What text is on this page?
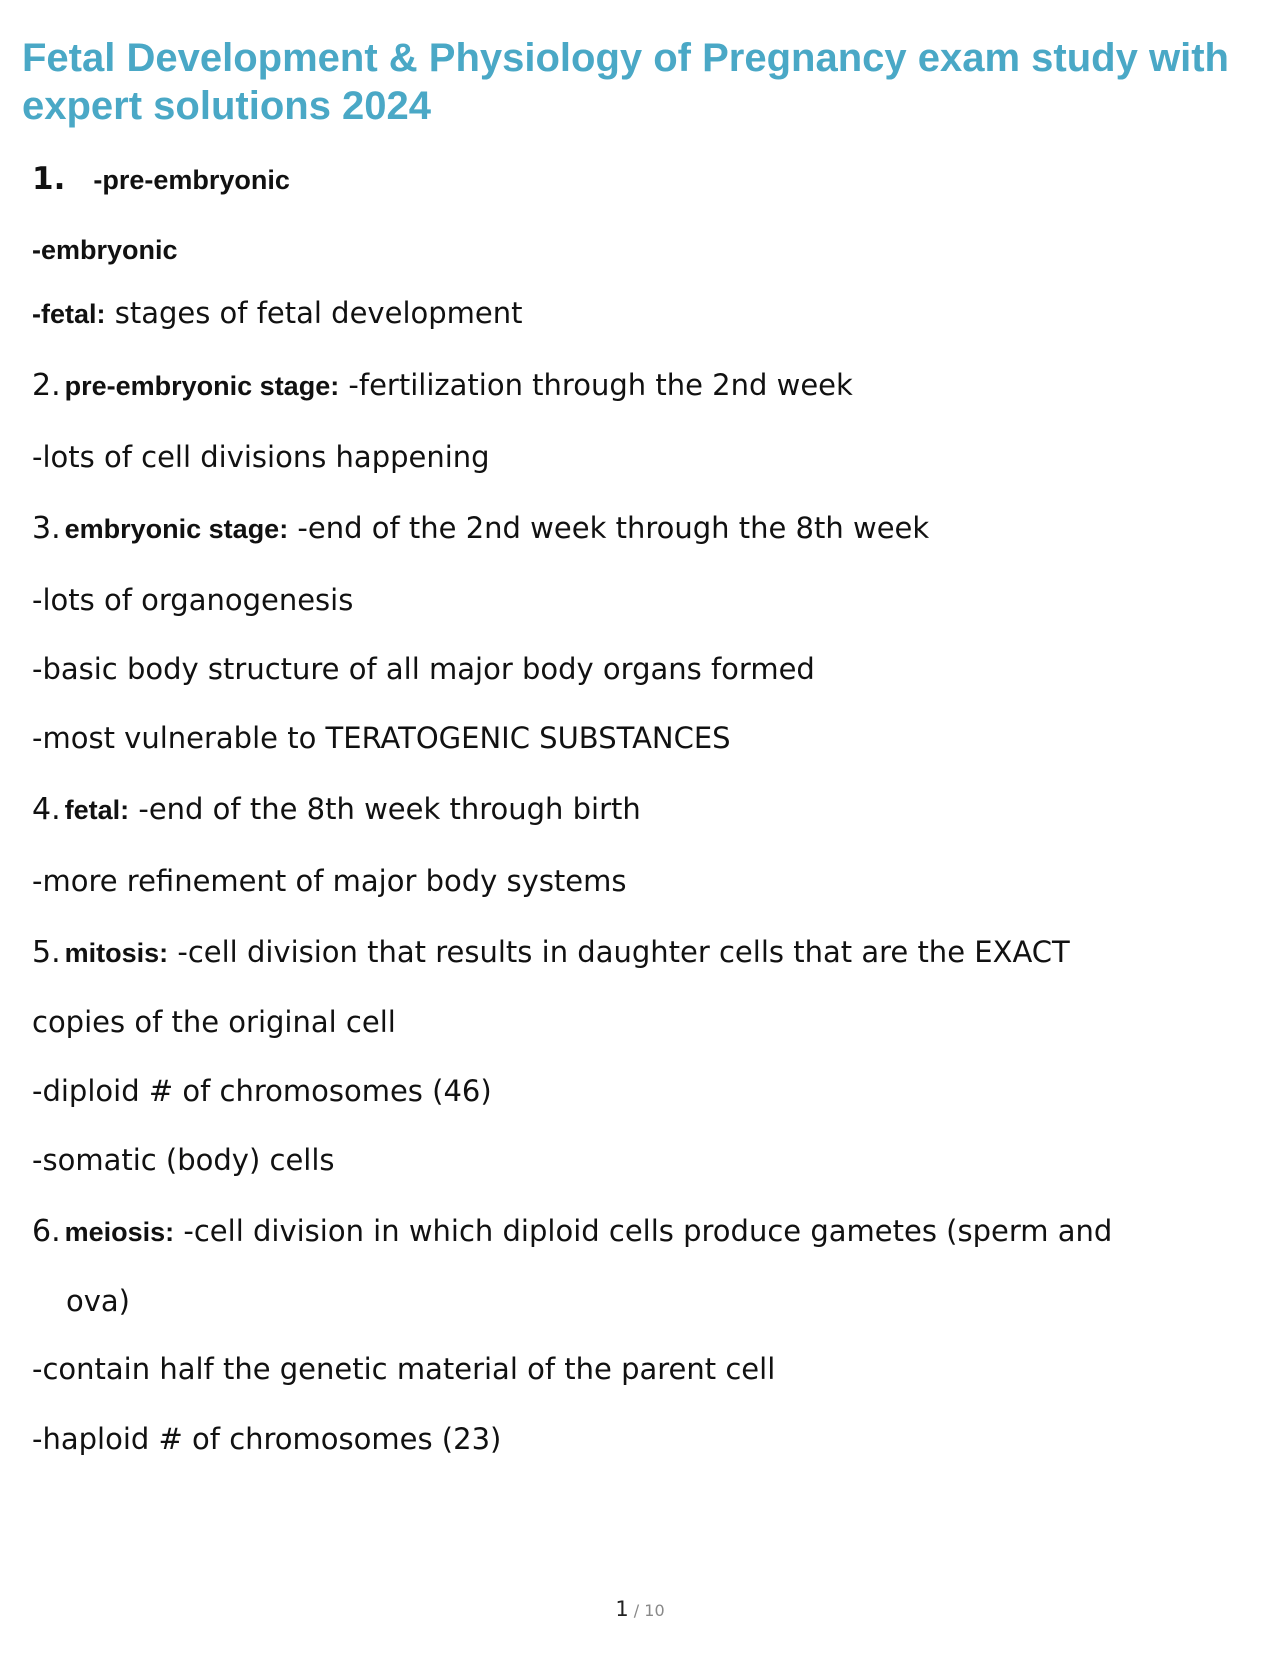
Fetal Development & Physiology of Pregnancy exam study with expert solutions 2024
1. -pre-embryonic
-embryonic
-fetal: stages of fetal development
2. pre-embryonic stage: -fertilization through the 2nd week
-lots of cell divisions happening
3. embryonic stage: -end of the 2nd week through the 8th week
-lots of organogenesis
-basic body structure of all major body organs formed
-most vulnerable to TERATOGENIC SUBSTANCES
4. fetal: -end of the 8th week through birth
-more refinement of major body systems
5. mitosis: -cell division that results in daughter cells that are the EXACT
copies of the original cell
-diploid # of chromosomes (46)
-somatic (body) cells
6. meiosis: -cell division in which diploid cells produce gametes (sperm and
ova)
-contain half the genetic material of the parent cell
-haploid # of chromosomes (23)
1 / 10
